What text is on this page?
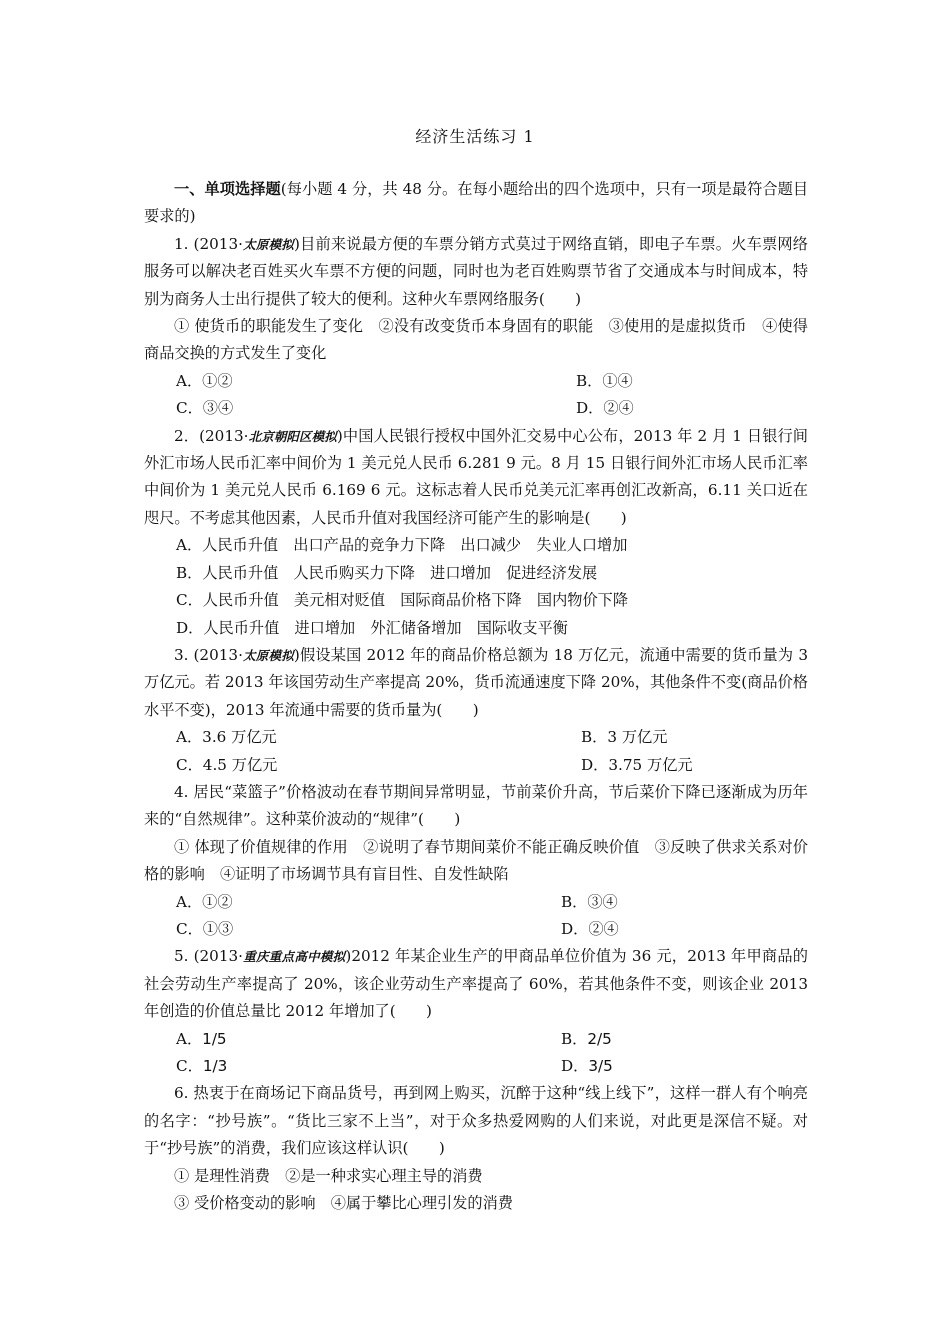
经济生活练习 1

一、单项选择题(每小题 4 分，共 48 分。在每小题给出的四个选项中，只有一项是最符合题目要求的)

1. (2013·太原模拟)目前来说最方便的车票分销方式莫过于网络直销，即电子车票。火车票网络服务可以解决老百姓买火车票不方便的问题，同时也为老百姓购票节省了交通成本与时间成本，特别为商务人士出行提供了较大的便利。这种火车票网络服务(　　)

① 使货币的职能发生了变化　②没有改变货币本身固有的职能　③使用的是虚拟货币　④使得商品交换的方式发生了变化

A．①②	B．①④
C．③④	D．②④

2．(2013·北京朝阳区模拟)中国人民银行授权中国外汇交易中心公布，2013 年 2 月 1 日银行间外汇市场人民币汇率中间价为 1 美元兑人民币 6.281 9 元。8 月 15 日银行间外汇市场人民币汇率中间价为 1 美元兑人民币 6.169 6 元。这标志着人民币兑美元汇率再创汇改新高，6.11 关口近在咫尺。不考虑其他因素，人民币升值对我国经济可能产生的影响是(　　)

A．人民币升值　出口产品的竞争力下降　出口减少　失业人口增加

B．人民币升值　人民币购买力下降　进口增加　促进经济发展

C．人民币升值　美元相对贬值　国际商品价格下降　国内物价下降

D．人民币升值　进口增加　外汇储备增加　国际收支平衡

3. (2013·太原模拟)假设某国 2012 年的商品价格总额为 18 万亿元，流通中需要的货币量为 3 万亿元。若 2013 年该国劳动生产率提高 20%，货币流通速度下降 20%，其他条件不变(商品价格水平不变)，2013 年流通中需要的货币量为(　　)

A．3.6 万亿元	B．3 万亿元
C．4.5 万亿元	D．3.75 万亿元

4. 居民“菜篮子”价格波动在春节期间异常明显，节前菜价升高，节后菜价下降已逐渐成为历年来的“自然规律”。这种菜价波动的“规律”(　　)

① 体现了价值规律的作用　②说明了春节期间菜价不能正确反映价值　③反映了供求关系对价格的影响　④证明了市场调节具有盲目性、自发性缺陷

A．①②	B．③④
C．①③	D．②④

5. (2013·重庆重点高中模拟)2012 年某企业生产的甲商品单位价值为 36 元，2013 年甲商品的社会劳动生产率提高了 20%，该企业劳动生产率提高了 60%，若其他条件不变，则该企业 2013 年创造的价值总量比 2012 年增加了(　　)

A．1/5	B．2/5
C．1/3	D．3/5

6. 热衷于在商场记下商品货号，再到网上购买，沉醉于这种“线上线下”，这样一群人有个响亮的名字：“抄号族”。“货比三家不上当”，对于众多热爱网购的人们来说，对此更是深信不疑。对于“抄号族”的消费，我们应该这样认识(　　)

① 是理性消费　②是一种求实心理主导的消费

③ 受价格变动的影响　④属于攀比心理引发的消费
